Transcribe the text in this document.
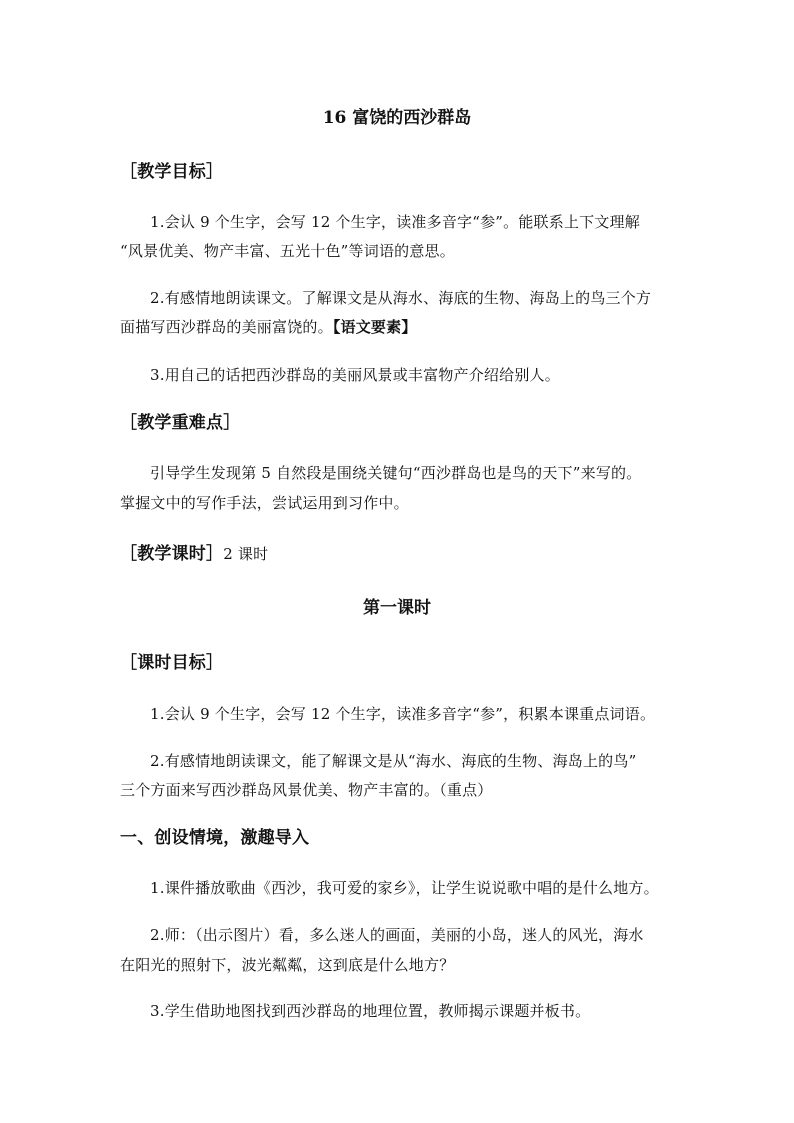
16 富饶的西沙群岛
［教学目标］
1.会认 9 个生字，会写 12 个生字，读准多音字“参”。能联系上下文理解
“风景优美、物产丰富、五光十色”等词语的意思。
2.有感情地朗读课文。了解课文是从海水、海底的生物、海岛上的鸟三个方
面描写西沙群岛的美丽富饶的。【语文要素】
3.用自己的话把西沙群岛的美丽风景或丰富物产介绍给别人。
［教学重难点］
引导学生发现第 5 自然段是围绕关键句“西沙群岛也是鸟的天下”来写的。
掌握文中的写作手法，尝试运用到习作中。
［教学课时］2 课时
第一课时
［课时目标］
1.会认 9 个生字，会写 12 个生字，读准多音字“参”，积累本课重点词语。
2.有感情地朗读课文，能了解课文是从“海水、海底的生物、海岛上的鸟”
三个方面来写西沙群岛风景优美、物产丰富的。（重点）
一、创设情境，激趣导入
1.课件播放歌曲《西沙，我可爱的家乡》，让学生说说歌中唱的是什么地方。
2.师：（出示图片）看，多么迷人的画面，美丽的小岛，迷人的风光，海水
在阳光的照射下，波光粼粼，这到底是什么地方？
3.学生借助地图找到西沙群岛的地理位置，教师揭示课题并板书。
